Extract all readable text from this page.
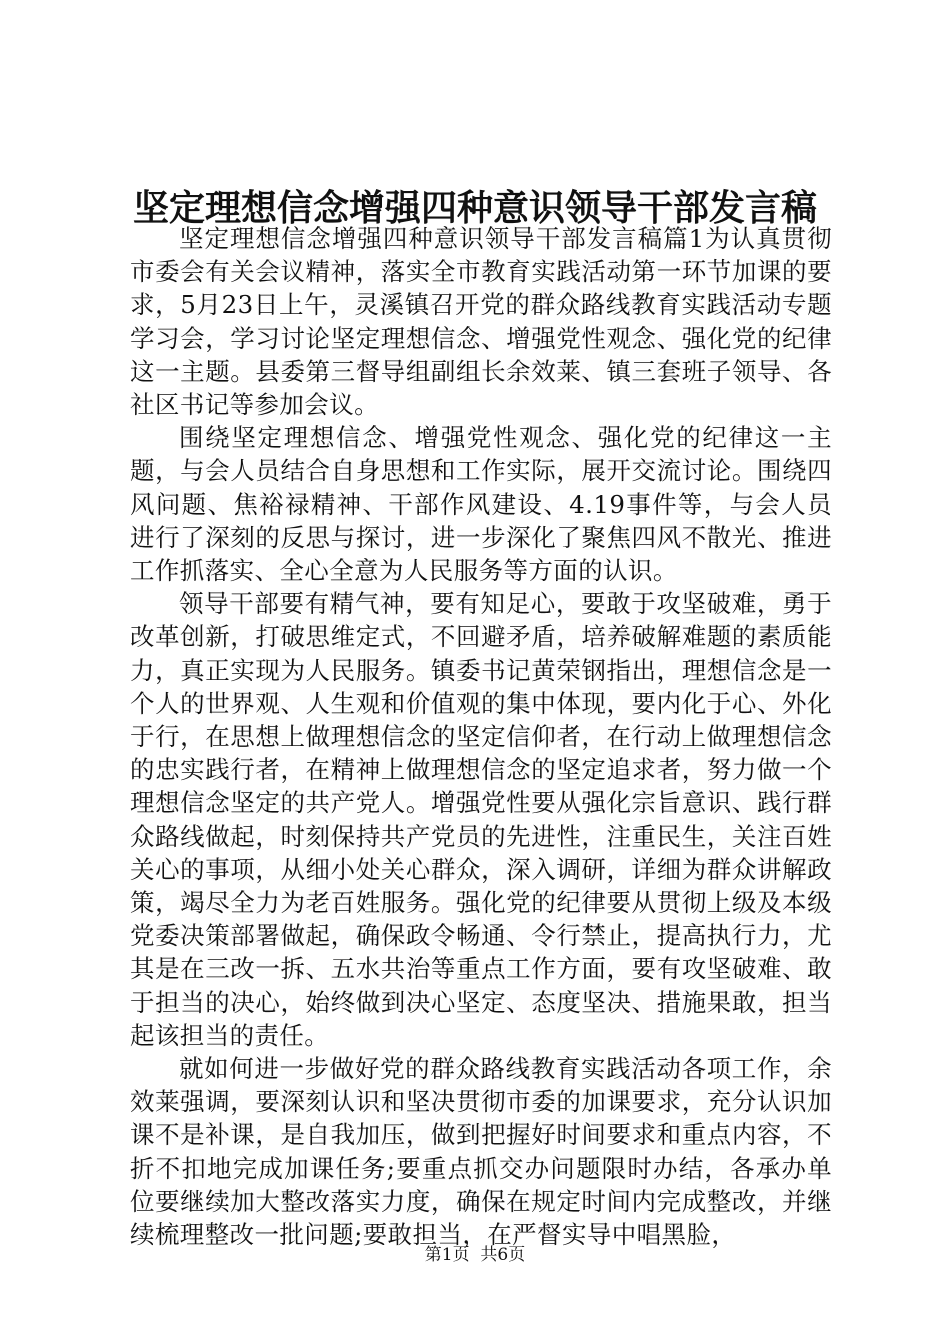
坚定理想信念增强四种意识领导干部发言稿

坚定理想信念增强四种意识领导干部发言稿篇1为认真贯彻市委会有关会议精神，落实全市教育实践活动第一环节加课的要求，5月23日上午，灵溪镇召开党的群众路线教育实践活动专题学习会，学习讨论坚定理想信念、增强党性观念、强化党的纪律这一主题。县委第三督导组副组长余效莱、镇三套班子领导、各社区书记等参加会议。

围绕坚定理想信念、增强党性观念、强化党的纪律这一主题，与会人员结合自身思想和工作实际，展开交流讨论。围绕四风问题、焦裕禄精神、干部作风建设、4.19事件等，与会人员进行了深刻的反思与探讨，进一步深化了聚焦四风不散光、推进工作抓落实、全心全意为人民服务等方面的认识。

领导干部要有精气神，要有知足心，要敢于攻坚破难，勇于改革创新，打破思维定式，不回避矛盾，培养破解难题的素质能力，真正实现为人民服务。镇委书记黄荣钢指出，理想信念是一个人的世界观、人生观和价值观的集中体现，要内化于心、外化于行，在思想上做理想信念的坚定信仰者，在行动上做理想信念的忠实践行者，在精神上做理想信念的坚定追求者，努力做一个理想信念坚定的共产党人。增强党性要从强化宗旨意识、践行群众路线做起，时刻保持共产党员的先进性，注重民生，关注百姓关心的事项，从细小处关心群众，深入调研，详细为群众讲解政策，竭尽全力为老百姓服务。强化党的纪律要从贯彻上级及本级党委决策部署做起，确保政令畅通、令行禁止，提高执行力，尤其是在三改一拆、五水共治等重点工作方面，要有攻坚破难、敢于担当的决心，始终做到决心坚定、态度坚决、措施果敢，担当起该担当的责任。

就如何进一步做好党的群众路线教育实践活动各项工作，余效莱强调，要深刻认识和坚决贯彻市委的加课要求，充分认识加课不是补课，是自我加压，做到把握好时间要求和重点内容，不折不扣地完成加课任务;要重点抓交办问题限时办结，各承办单位要继续加大整改落实力度，确保在规定时间内完成整改，并继续梳理整改一批问题;要敢担当，在严督实导中唱黑脸，

第1页 共6页
